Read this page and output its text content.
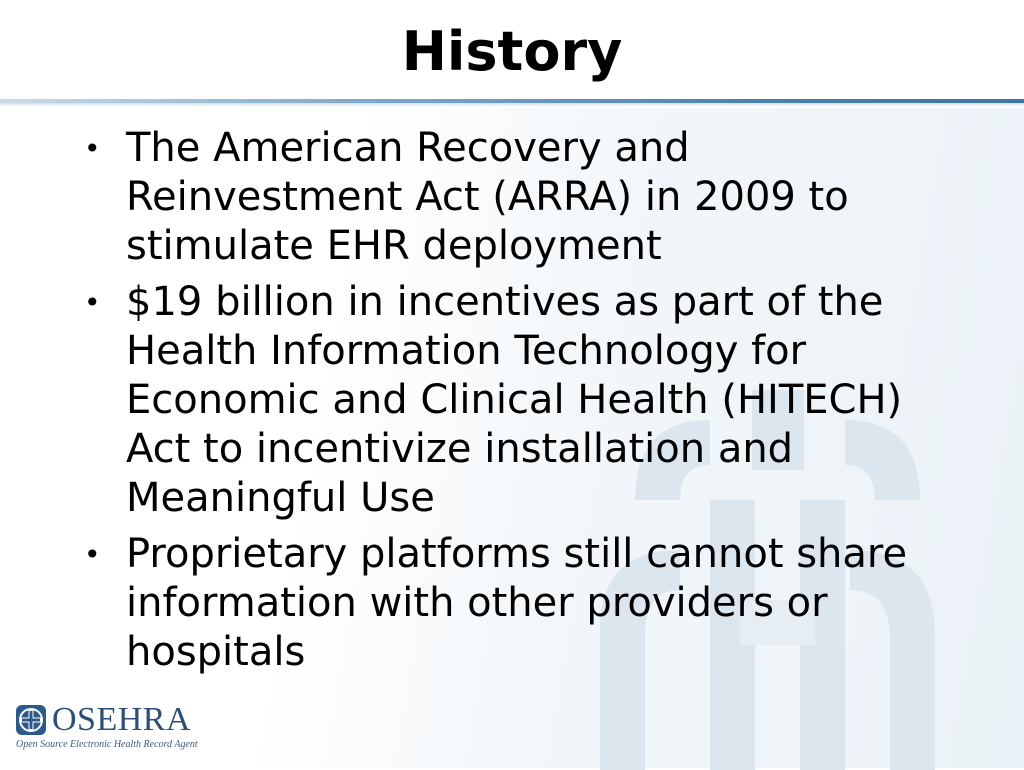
History
• The American Recovery and Reinvestment Act (ARRA) in 2009 to stimulate EHR deployment
• $19 billion in incentives as part of the Health Information Technology for Economic and Clinical Health (HITECH) Act to incentivize installation and Meaningful Use
• Proprietary platforms still cannot share information with other providers or hospitals
OSEHRA
Open Source Electronic Health Record Agent
